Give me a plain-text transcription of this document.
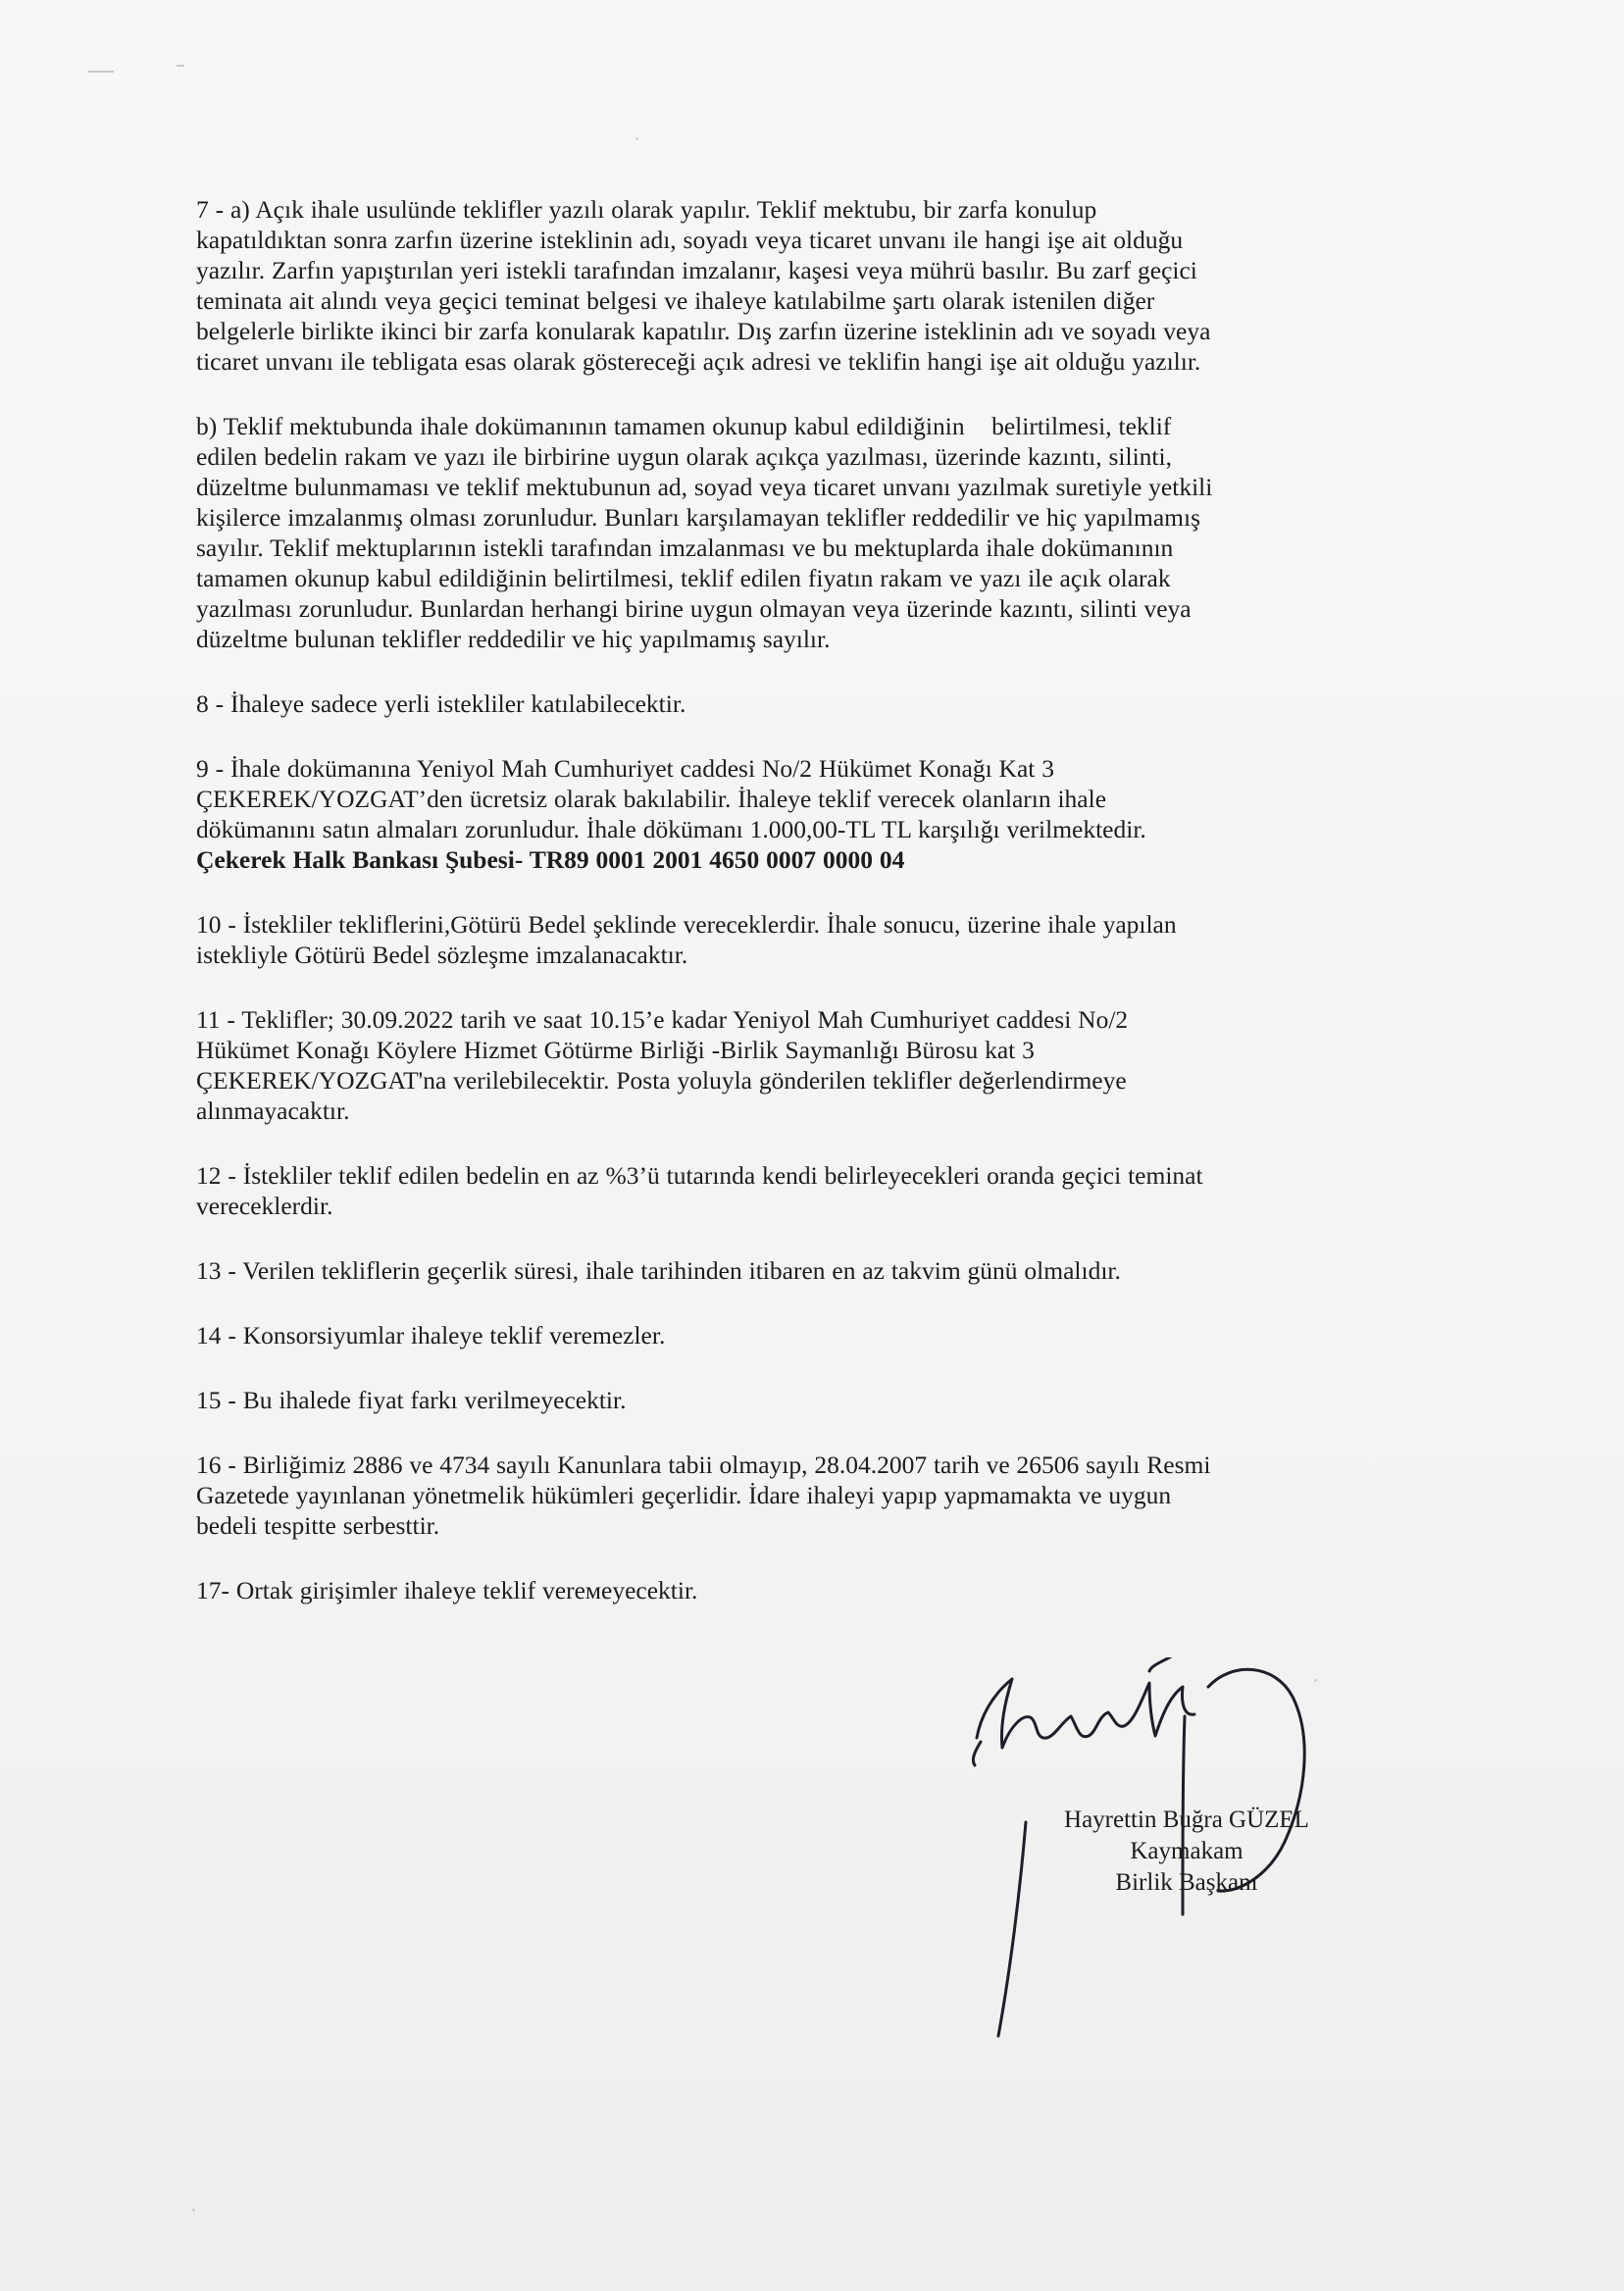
7 - a) Açık ihale usulünde teklifler yazılı olarak yapılır. Teklif mektubu, bir zarfa konulup
kapatıldıktan sonra zarfın üzerine isteklinin adı, soyadı veya ticaret unvanı ile hangi işe ait olduğu
yazılır. Zarfın yapıştırılan yeri istekli tarafından imzalanır, kaşesi veya mührü basılır. Bu zarf geçici
teminata ait alındı veya geçici teminat belgesi ve ihaleye katılabilme şartı olarak istenilen diğer
belgelerle birlikte ikinci bir zarfa konularak kapatılır. Dış zarfın üzerine isteklinin adı ve soyadı veya
ticaret unvanı ile tebligata esas olarak göstereceği açık adresi ve teklifin hangi işe ait olduğu yazılır.
b) Teklif mektubunda ihale dokümanının tamamen okunup kabul edildiğinin    belirtilmesi, teklif
edilen bedelin rakam ve yazı ile birbirine uygun olarak açıkça yazılması, üzerinde kazıntı, silinti,
düzeltme bulunmaması ve teklif mektubunun ad, soyad veya ticaret unvanı yazılmak suretiyle yetkili
kişilerce imzalanmış olması zorunludur. Bunları karşılamayan teklifler reddedilir ve hiç yapılmamış
sayılır. Teklif mektuplarının istekli tarafından imzalanması ve bu mektuplarda ihale dokümanının
tamamen okunup kabul edildiğinin belirtilmesi, teklif edilen fiyatın rakam ve yazı ile açık olarak
yazılması zorunludur. Bunlardan herhangi birine uygun olmayan veya üzerinde kazıntı, silinti veya
düzeltme bulunan teklifler reddedilir ve hiç yapılmamış sayılır.
8 - İhaleye sadece yerli istekliler katılabilecektir.
9 - İhale dokümanına Yeniyol Mah Cumhuriyet caddesi No/2 Hükümet Konağı Kat 3
ÇEKEREK/YOZGAT’den ücretsiz olarak bakılabilir. İhaleye teklif verecek olanların ihale
dökümanını satın almaları zorunludur. İhale dökümanı 1.000,00-TL TL karşılığı verilmektedir.
Çekerek Halk Bankası Şubesi- TR89 0001 2001 4650 0007 0000 04
10 - İstekliler tekliflerini,Götürü Bedel şeklinde vereceklerdir. İhale sonucu, üzerine ihale yapılan
istekliyle Götürü Bedel sözleşme imzalanacaktır.
11 - Teklifler; 30.09.2022 tarih ve saat 10.15’e kadar Yeniyol Mah Cumhuriyet caddesi No/2
Hükümet Konağı Köylere Hizmet Götürme Birliği -Birlik Saymanlığı Bürosu kat 3
ÇEKEREK/YOZGAT'na verilebilecektir. Posta yoluyla gönderilen teklifler değerlendirmeye
alınmayacaktır.
12 - İstekliler teklif edilen bedelin en az %3’ü tutarında kendi belirleyecekleri oranda geçici teminat
vereceklerdir.
13 - Verilen tekliflerin geçerlik süresi, ihale tarihinden itibaren en az takvim günü olmalıdır.
14 - Konsorsiyumlar ihaleye teklif veremezler.
15 - Bu ihalede fiyat farkı verilmeyecektir.
16 - Birliğimiz 2886 ve 4734 sayılı Kanunlara tabii olmayıp, 28.04.2007 tarih ve 26506 sayılı Resmi
Gazetede yayınlanan yönetmelik hükümleri geçerlidir. İdare ihaleyi yapıp yapmamakta ve uygun
bedeli tespitte serbesttir.
17- Ortak girişimler ihaleye teklif verемeyecektir.
Hayrettin Buğra GÜZEL
Kaymakam
Birlik Başkanı
